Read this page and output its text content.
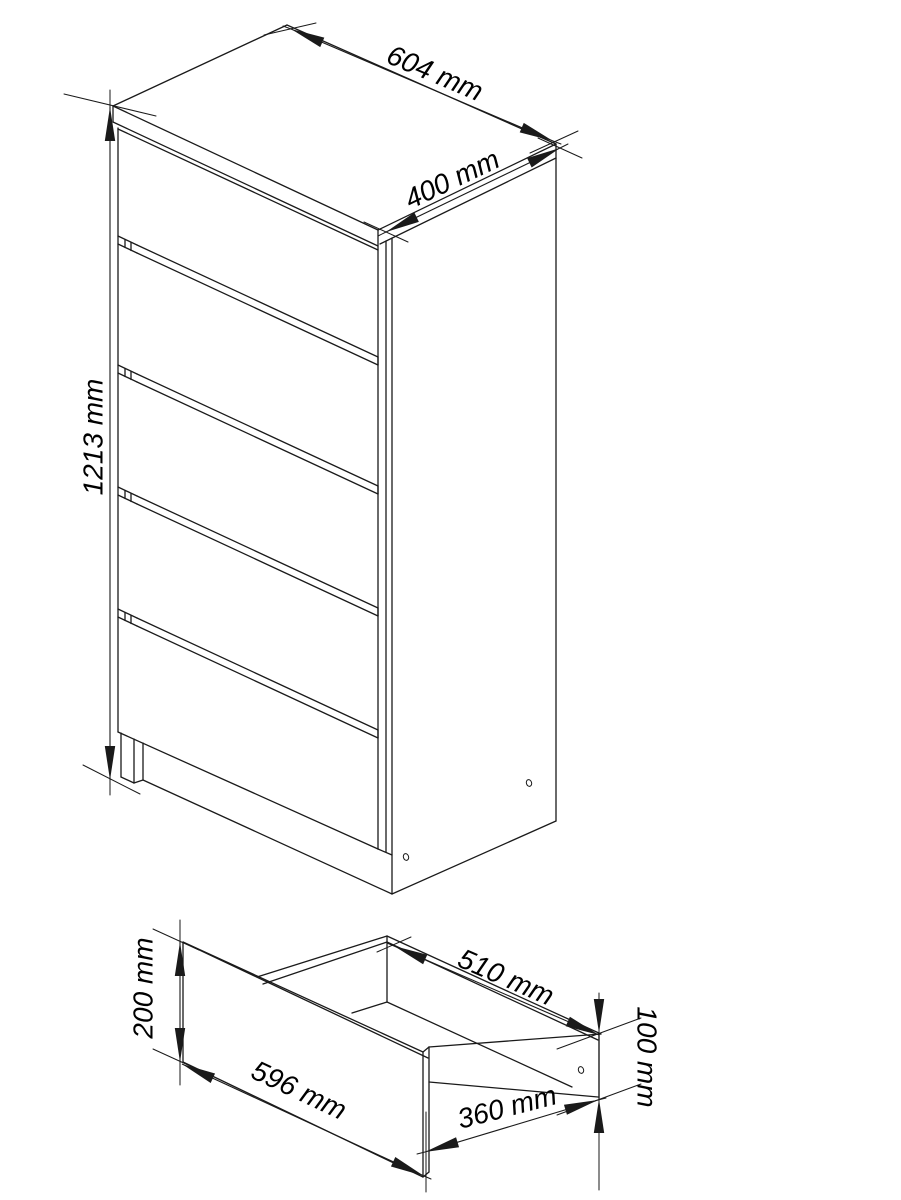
1213 mm
604 mm
400 mm
200 mm	510 mm
596 mm	360 mm	100 mm
